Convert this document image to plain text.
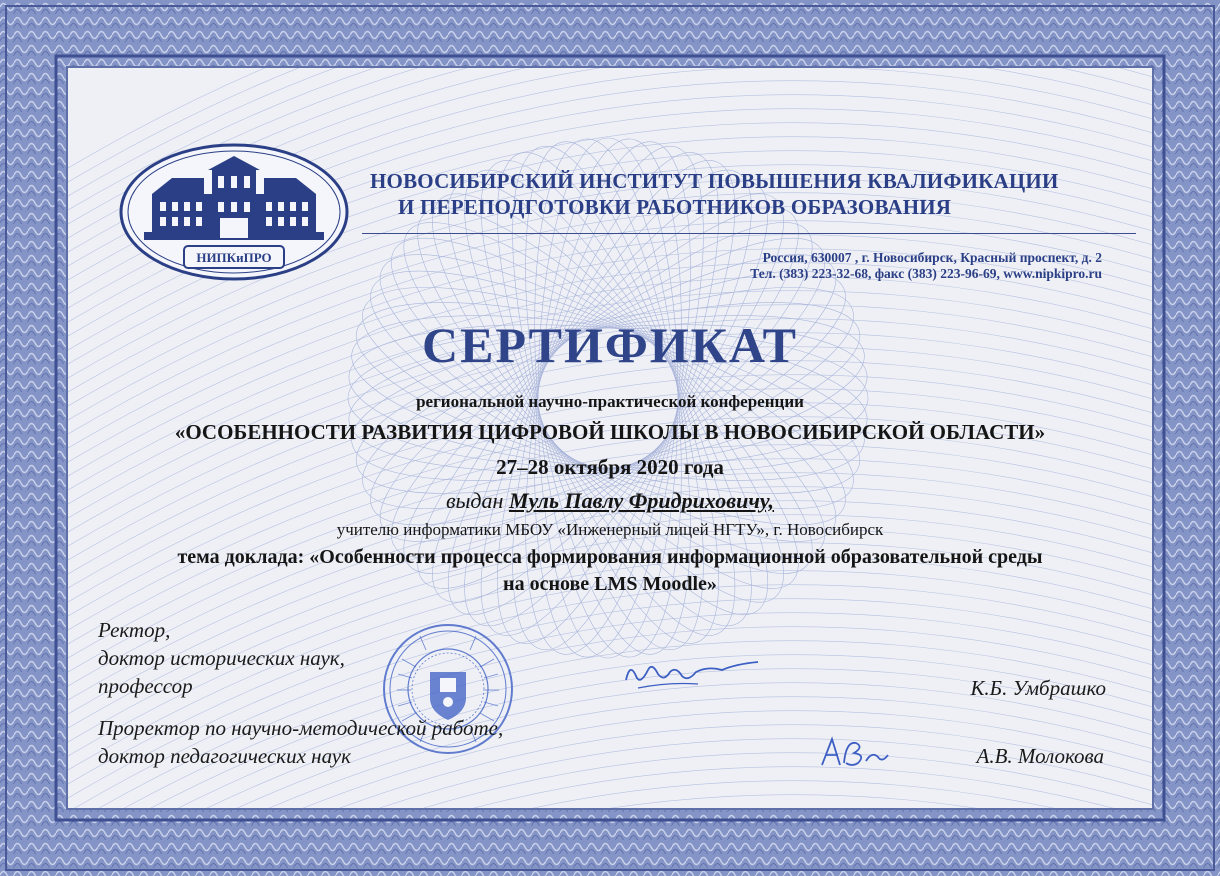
НИПКиПРО
НОВОСИБИРСКИЙ ИНСТИТУТ ПОВЫШЕНИЯ КВАЛИФИКАЦИИ
И ПЕРЕПОДГОТОВКИ РАБОТНИКОВ ОБРАЗОВАНИЯ
Россия, 630007 , г. Новосибирск, Красный проспект, д. 2
Тел. (383) 223-32-68, факс (383) 223-96-69, www.nipkipro.ru
СЕРТИФИКАТ
региональной научно-практической конференции
«ОСОБЕННОСТИ РАЗВИТИЯ ЦИФРОВОЙ ШКОЛЫ В НОВОСИБИРСКОЙ ОБЛАСТИ»
27–28 октября 2020 года
выдан Муль Павлу Фридриховичу,
учителю информатики МБОУ «Инженерный лицей НГТУ», г. Новосибирск
тема доклада: «Особенности процесса формирования информационной образовательной среды
на основе LMS Moodle»
Ректор,
доктор исторических наук,
профессор
Проректор по научно-методической работе,
доктор педагогических наук
К.Б. Умбрашко
А.В. Молокова
